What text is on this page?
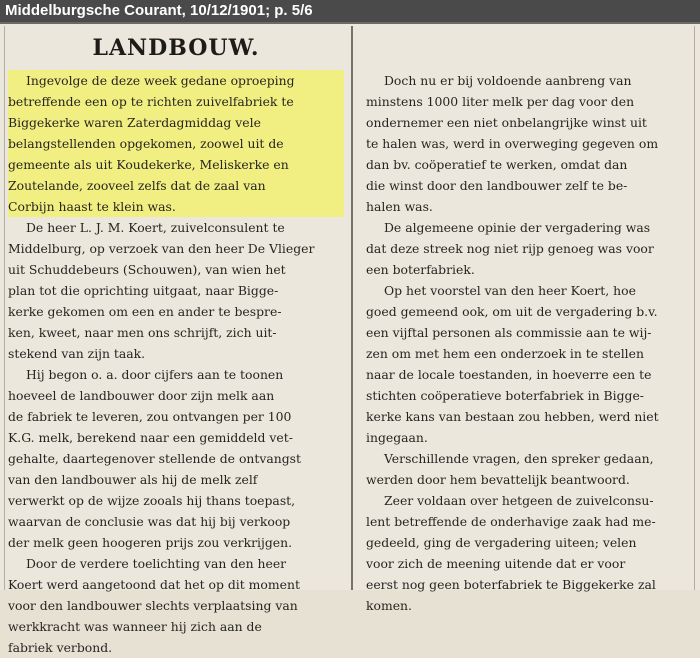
Middelburgsche Courant, 10/12/1901; p. 5/6
LANDBOUW.
Ingevolge de deze week gedane oproeping
betreffende een op te richten zuivelfabriek te
Biggekerke waren Zaterdagmiddag vele
belangstellenden opgekomen, zoowel uit de
gemeente als uit Koudekerke, Meliskerke en
Zoutelande, zooveel zelfs dat de zaal van
Corbijn haast te klein was.
De heer L. J. M. Koert, zuivelconsulent te
Middelburg, op verzoek van den heer De Vlieger
uit Schuddebeurs (Schouwen), van wien het
plan tot die oprichting uitgaat, naar Bigge-
kerke gekomen om een en ander te bespre-
ken, kweet, naar men ons schrijft, zich uit-
stekend van zijn taak.
Hij begon o. a. door cijfers aan te toonen
hoeveel de landbouwer door zijn melk aan
de fabriek te leveren, zou ontvangen per 100
K.G. melk, berekend naar een gemiddeld vet-
gehalte, daartegenover stellende de ontvangst
van den landbouwer als hij de melk zelf
verwerkt op de wijze zooals hij thans toepast,
waarvan de conclusie was dat hij bij verkoop
der melk geen hoogeren prijs zou verkrijgen.
Door de verdere toelichting van den heer
Koert werd aangetoond dat het op dit moment
voor den landbouwer slechts verplaatsing van
werkkracht was wanneer hij zich aan de
fabriek verbond.
Doch nu er bij voldoende aanbreng van
minstens 1000 liter melk per dag voor den
ondernemer een niet onbelangrijke winst uit
te halen was, werd in overweging gegeven om
dan bv. coöperatief te werken, omdat dan
die winst door den landbouwer zelf te be-
halen was.
De algemeene opinie der vergadering was
dat deze streek nog niet rijp genoeg was voor
een boterfabriek.
Op het voorstel van den heer Koert, hoe
goed gemeend ook, om uit de vergadering b.v.
een vijftal personen als commissie aan te wij-
zen om met hem een onderzoek in te stellen
naar de locale toestanden, in hoeverre een te
stichten coöperatieve boterfabriek in Bigge-
kerke kans van bestaan zou hebben, werd niet
ingegaan.
Verschillende vragen, den spreker gedaan,
werden door hem bevattelijk beantwoord.
Zeer voldaan over hetgeen de zuivelconsu-
lent betreffende de onderhavige zaak had me-
gedeeld, ging de vergadering uiteen; velen
voor zich de meening uitende dat er voor
eerst nog geen boterfabriek te Biggekerke zal
komen.
